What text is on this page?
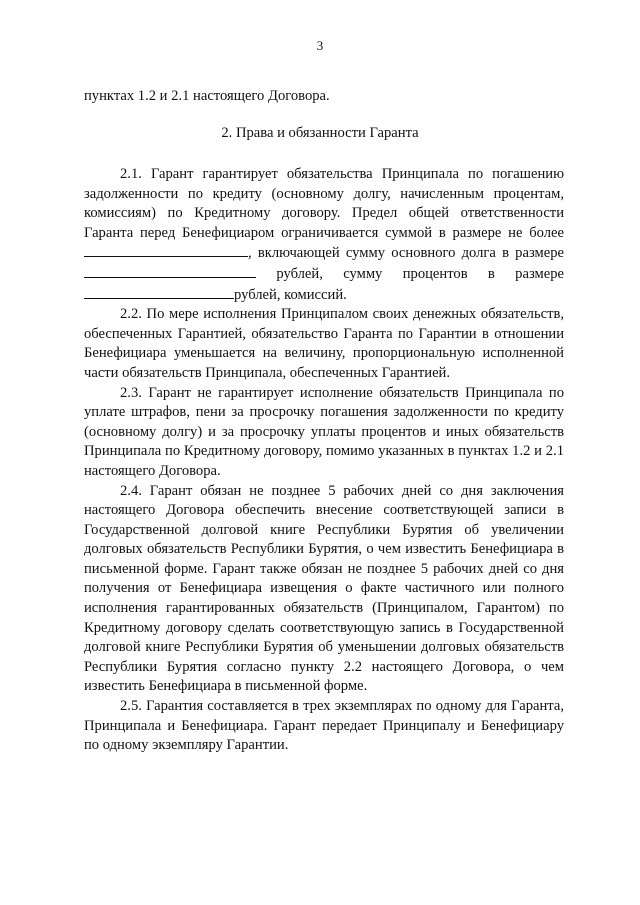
3
пунктах 1.2 и 2.1 настоящего Договора.
2. Права и обязанности Гаранта

2.1. Гарант гарантирует обязательства Принципала по погашению задолженности по кредиту (основному долгу, начисленным процентам, комиссиям) по Кредитному договору. Предел общей ответственности Гаранта перед Бенефициаром ограничивается суммой в размере не более , включающей сумму основного долга в размере  рублей, сумму процентов в размере рублей, комиссий.

2.2. По мере исполнения Принципалом своих денежных обязательств, обеспеченных Гарантией, обязательство Гаранта по Гарантии в отношении Бенефициара уменьшается на величину, пропорциональную исполненной части обязательств Принципала, обеспеченных Гарантией.

2.3. Гарант не гарантирует исполнение обязательств Принципала по уплате штрафов, пени за просрочку погашения задолженности по кредиту (основному долгу) и за просрочку уплаты процентов и иных обязательств Принципала по Кредитному договору, помимо указанных в пунктах 1.2 и 2.1 настоящего Договора.

2.4. Гарант обязан не позднее 5 рабочих дней со дня заключения настоящего Договора обеспечить внесение соответствующей записи в Государственной долговой книге Республики Бурятия об увеличении долговых обязательств Республики Бурятия, о чем известить Бенефициара в письменной форме. Гарант также обязан не позднее 5 рабочих дней со дня получения от Бенефициара извещения о факте частичного или полного исполнения гарантированных обязательств (Принципалом, Гарантом) по Кредитному договору сделать соответствующую запись в Государственной долговой книге Республики Бурятия об уменьшении долговых обязательств Республики Бурятия согласно пункту 2.2 настоящего Договора, о чем известить Бенефициара в письменной форме.

2.5. Гарантия составляется в трех экземплярах по одному для Гаранта, Принципала и Бенефициара. Гарант передает Принципалу и Бенефициару по одному экземпляру Гарантии.
